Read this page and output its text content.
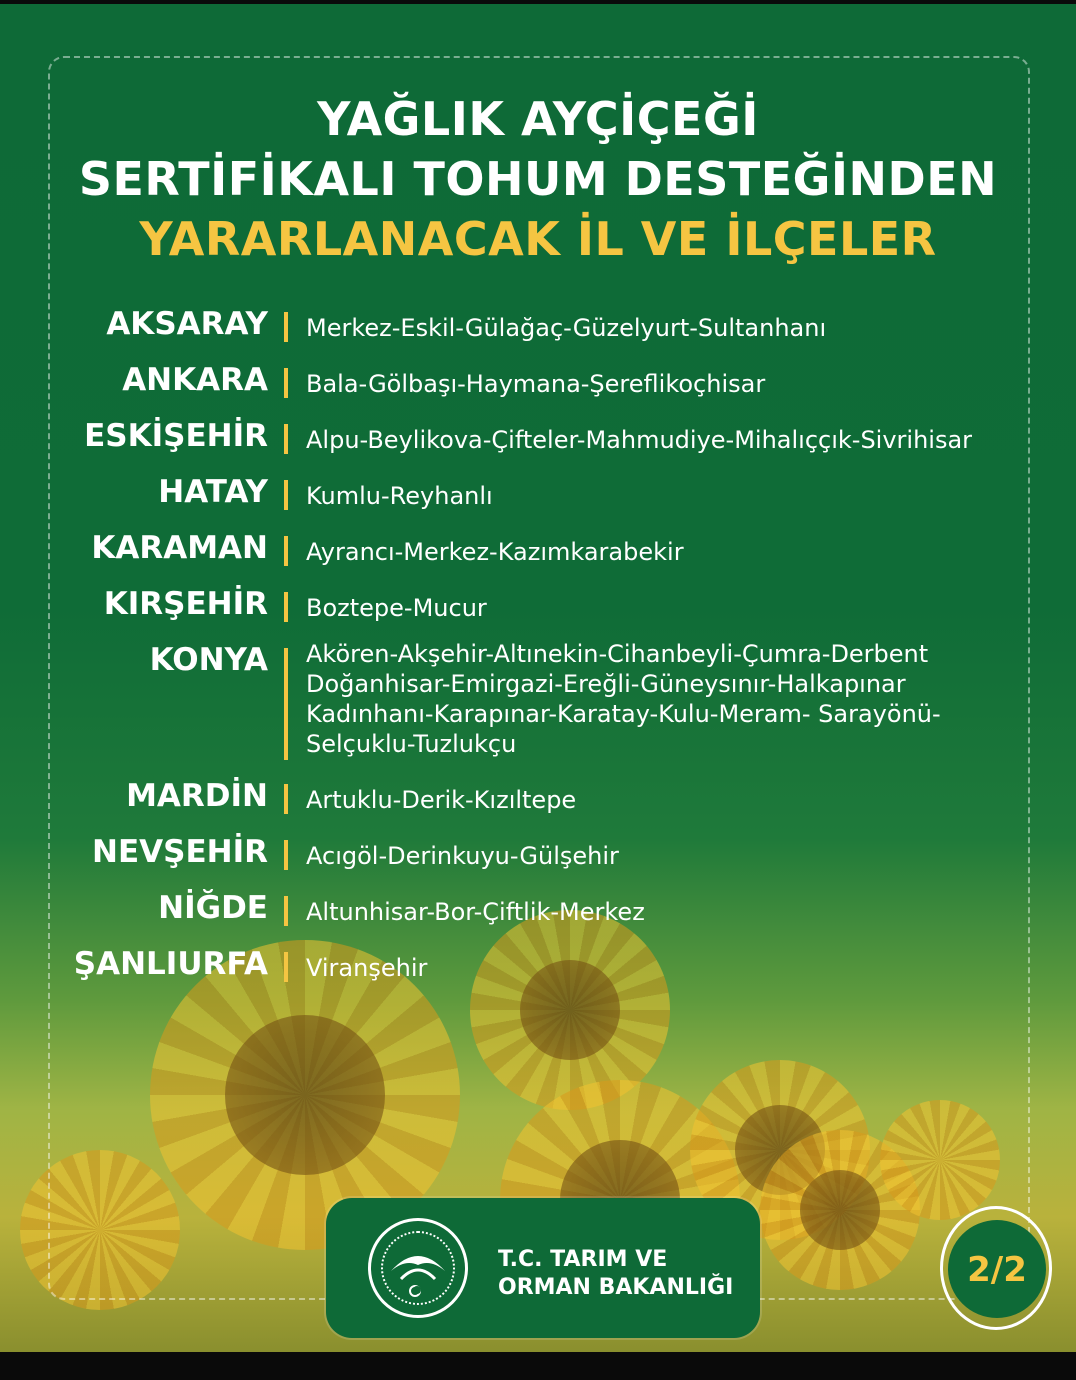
YAĞLIK AYÇİÇEĞİ
SERTİFİKALI TOHUM DESTEĞİNDEN
YARARLANACAK İL VE İLÇELER
AKSARAY Merkez-Eskil-Gülağaç-Güzelyurt-Sultanhanı
ANKARA Bala-Gölbaşı-Haymana-Şereflikoçhisar
ESKİŞEHİR Alpu-Beylikova-Çifteler-Mahmudiye-Mihalıççık-Sivrihisar
HATAY Kumlu-Reyhanlı
KARAMAN Ayrancı-Merkez-Kazımkarabekir
KIRŞEHİR Boztepe-Mucur
KONYA Akören-Akşehir-Altınekin-Cihanbeyli-Çumra-Derbent
Doğanhisar-Emirgazi-Ereğli-Güneysınır-Halkapınar
Kadınhanı-Karapınar-Karatay-Kulu-Meram- Sarayönü-
Selçuklu-Tuzlukçu
MARDİN Artuklu-Derik-Kızıltepe
NEVŞEHİR Acıgöl-Derinkuyu-Gülşehir
NİĞDE Altunhisar-Bor-Çiftlik-Merkez
ŞANLIURFA Viranşehir
T.C. TARIM VE
ORMAN BAKANLIĞI	2/2
